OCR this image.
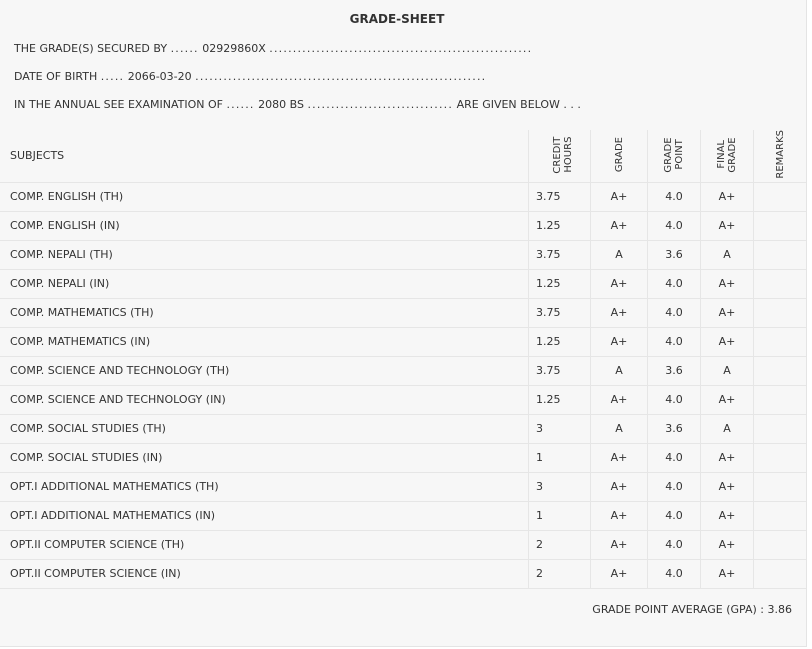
GRADE-SHEET
THE GRADE(S) SECURED BY ...... 02929860X ........................................................
DATE OF BIRTH ..... 2066-03-20 ..............................................................
IN THE ANNUAL SEE EXAMINATION OF ...... 2080 BS ............................... ARE GIVEN BELOW . . .
SUBJECTS	CREDIT HOURS	GRADE	GRADE POINT	FINAL GRADE	REMARKS
COMP. ENGLISH (TH)	3.75	A+	4.0	A+	
COMP. ENGLISH (IN)	1.25	A+	4.0	A+	
COMP. NEPALI (TH)	3.75	A	3.6	A	
COMP. NEPALI (IN)	1.25	A+	4.0	A+	
COMP. MATHEMATICS (TH)	3.75	A+	4.0	A+	
COMP. MATHEMATICS (IN)	1.25	A+	4.0	A+	
COMP. SCIENCE AND TECHNOLOGY (TH)	3.75	A	3.6	A	
COMP. SCIENCE AND TECHNOLOGY (IN)	1.25	A+	4.0	A+	
COMP. SOCIAL STUDIES (TH)	3	A	3.6	A	
COMP. SOCIAL STUDIES (IN)	1	A+	4.0	A+	
OPT.I ADDITIONAL MATHEMATICS (TH)	3	A+	4.0	A+	
OPT.I ADDITIONAL MATHEMATICS (IN)	1	A+	4.0	A+	
OPT.II COMPUTER SCIENCE (TH)	2	A+	4.0	A+	
OPT.II COMPUTER SCIENCE (IN)	2	A+	4.0	A+	
GRADE POINT AVERAGE (GPA) : 3.86
